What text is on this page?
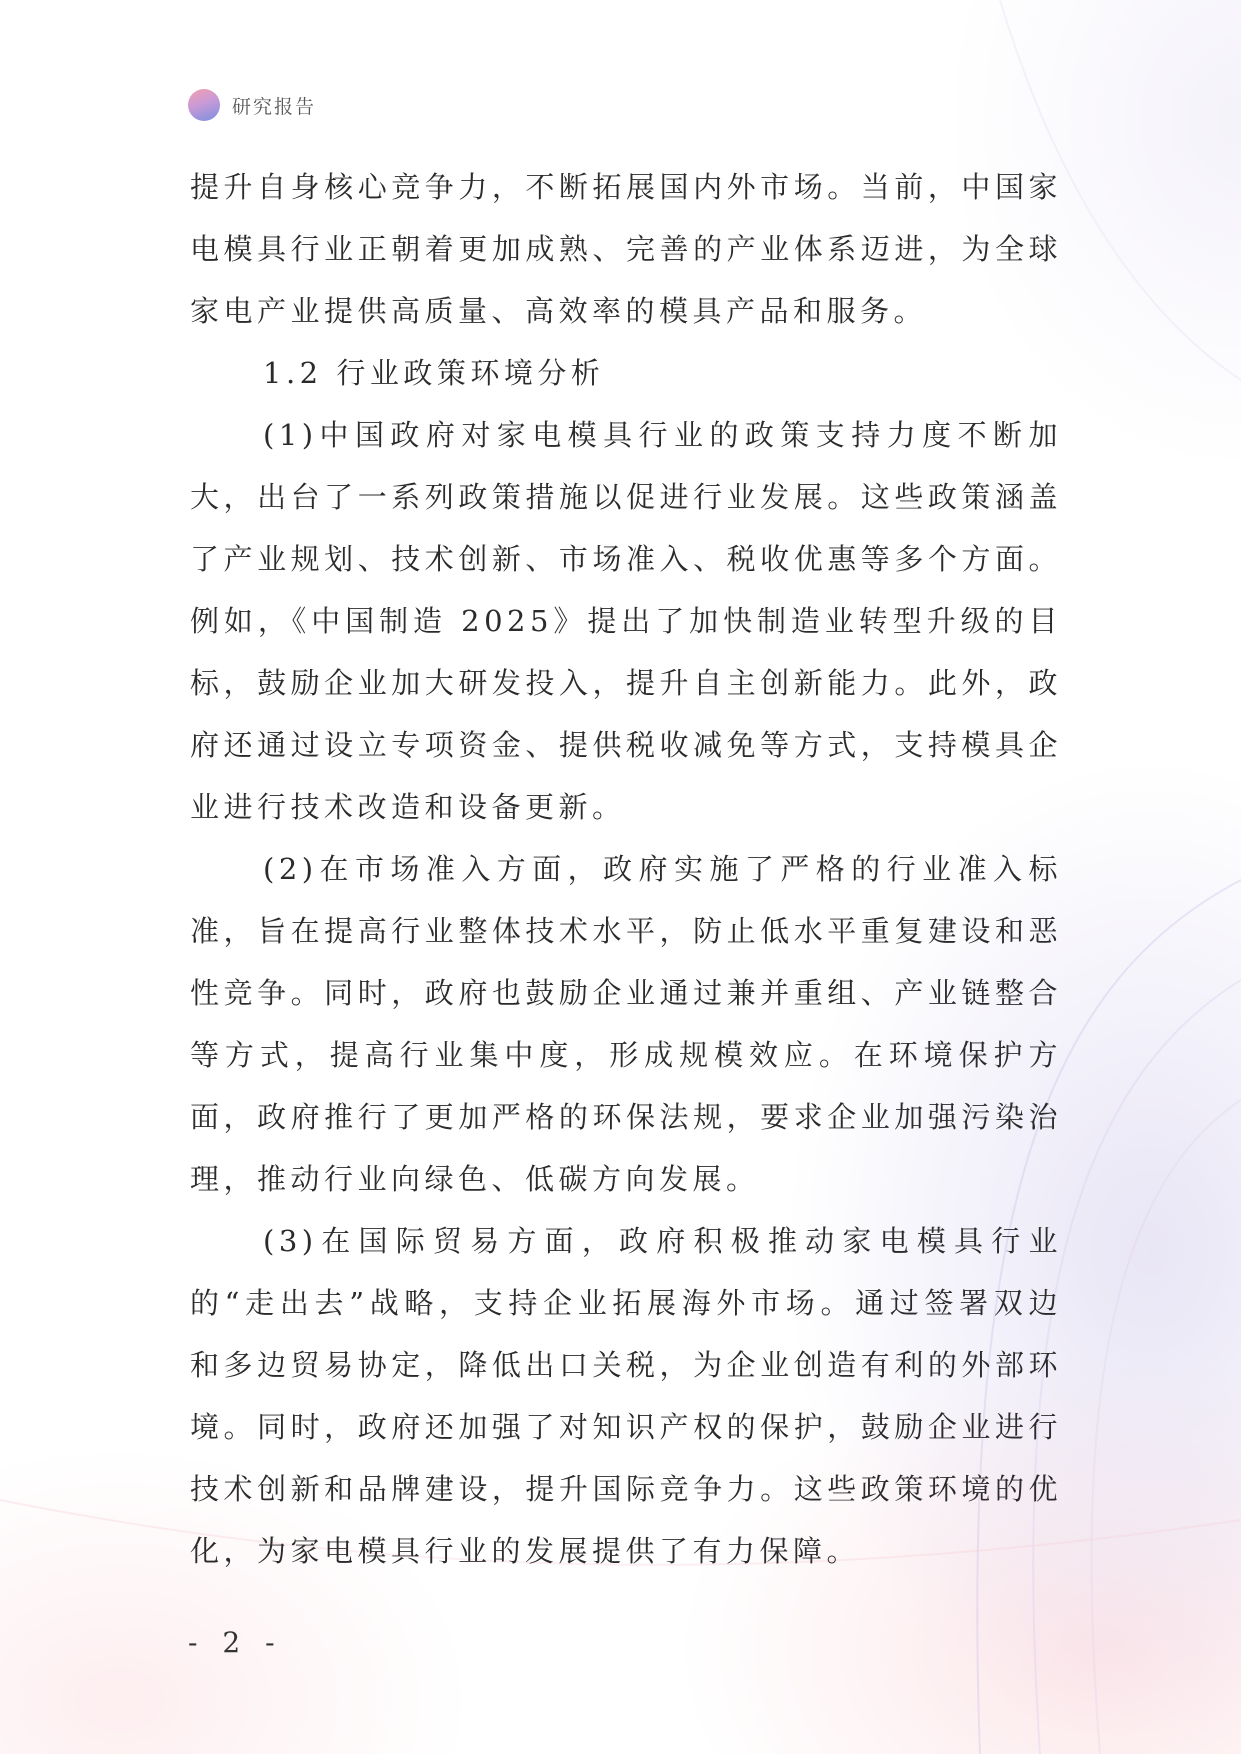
研究报告

提升自身核心竞争力，不断拓展国内外市场。当前，中国家电模具行业正朝着更加成熟、完善的产业体系迈进，为全球家电产业提供高质量、高效率的模具产品和服务。

1.2 行业政策环境分析

(1)中国政府对家电模具行业的政策支持力度不断加大，出台了一系列政策措施以促进行业发展。这些政策涵盖了产业规划、技术创新、市场准入、税收优惠等多个方面。例如，《中国制造 2025》提出了加快制造业转型升级的目标，鼓励企业加大研发投入，提升自主创新能力。此外，政府还通过设立专项资金、提供税收减免等方式，支持模具企业进行技术改造和设备更新。

(2)在市场准入方面，政府实施了严格的行业准入标准，旨在提高行业整体技术水平，防止低水平重复建设和恶性竞争。同时，政府也鼓励企业通过兼并重组、产业链整合等方式，提高行业集中度，形成规模效应。在环境保护方面，政府推行了更加严格的环保法规，要求企业加强污染治理，推动行业向绿色、低碳方向发展。

(3)在国际贸易方面，政府积极推动家电模具行业的“走出去”战略，支持企业拓展海外市场。通过签署双边和多边贸易协定，降低出口关税，为企业创造有利的外部环境。同时，政府还加强了对知识产权的保护，鼓励企业进行技术创新和品牌建设，提升国际竞争力。这些政策环境的优化，为家电模具行业的发展提供了有力保障。

- 2 -
